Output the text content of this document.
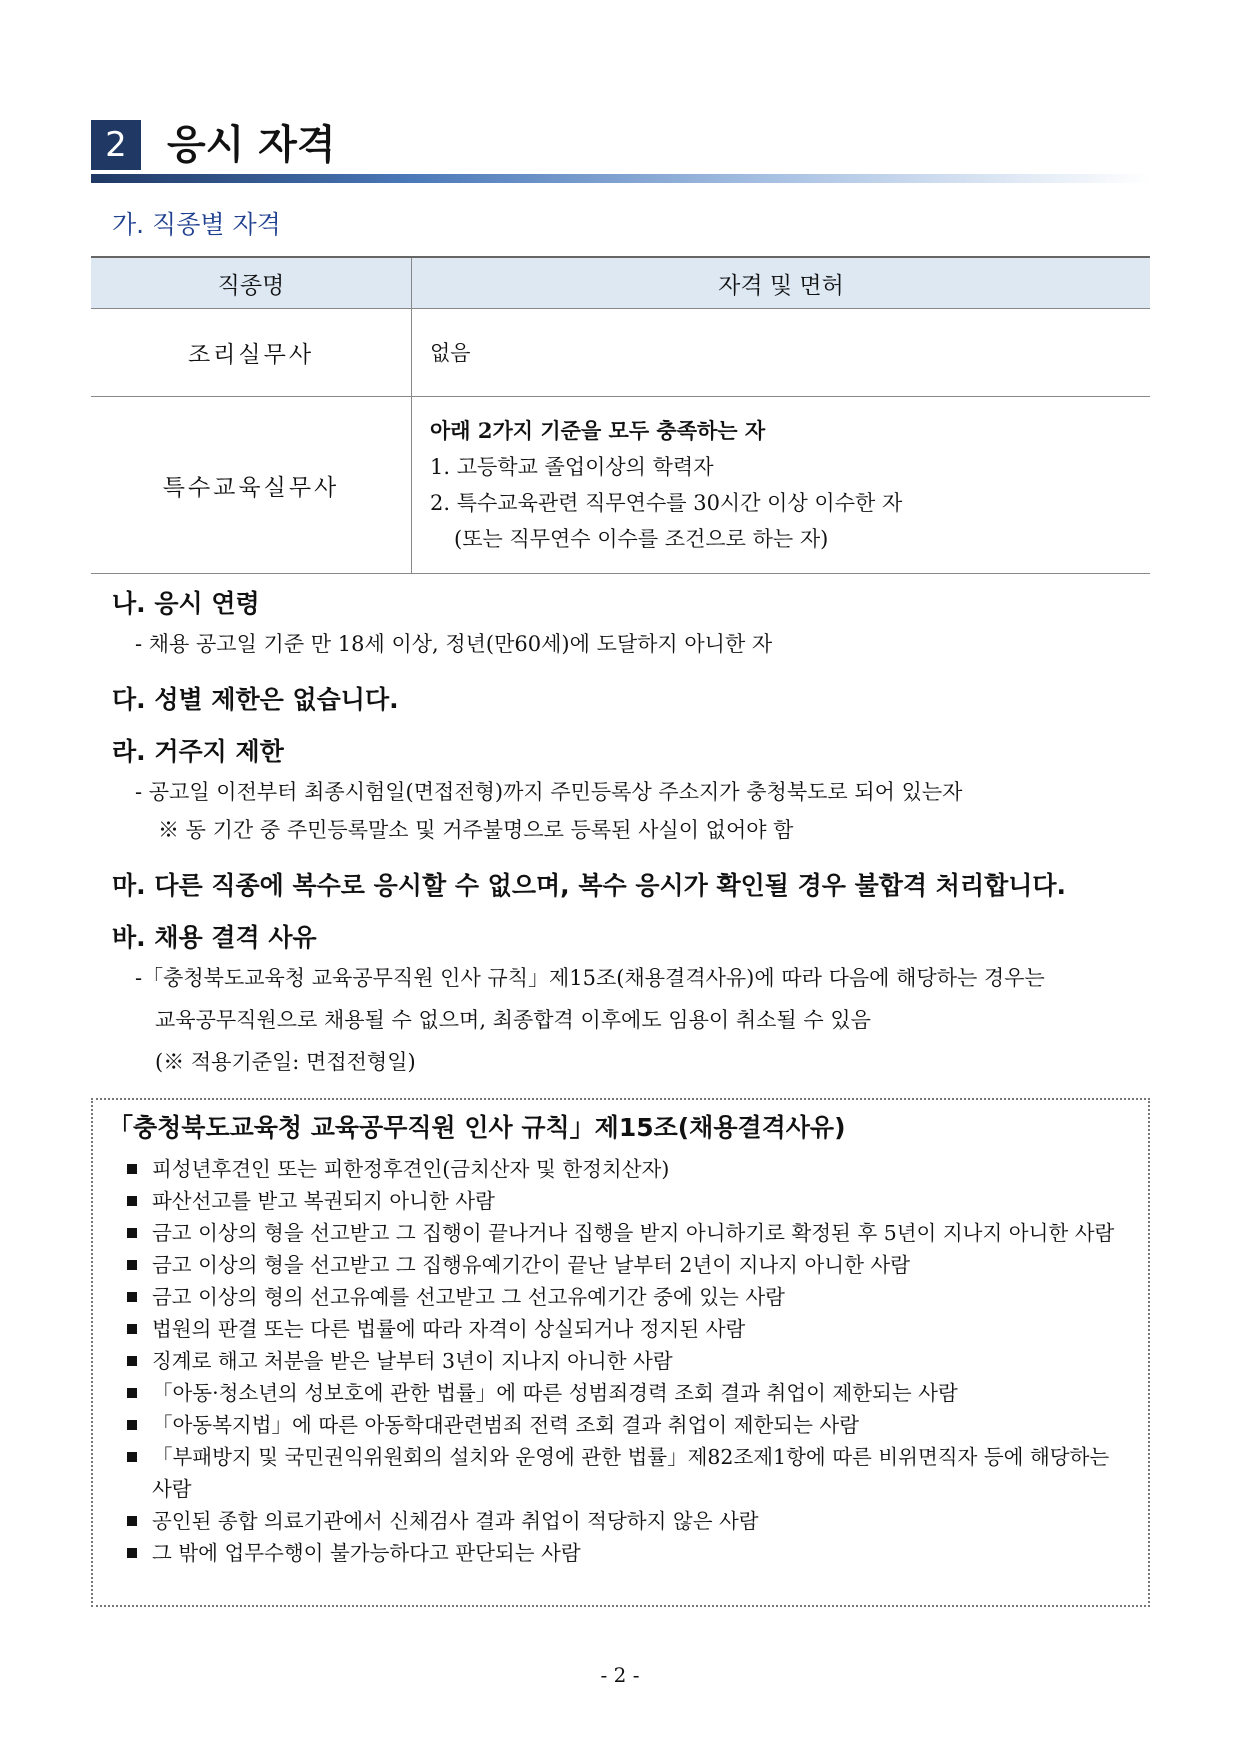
2	응시 자격
가. 직종별 자격
직종명	자격 및 면허
조리실무사	없음

특수교육실무사	아래 2가지 기준을 모두 충족하는 자
1. 고등학교 졸업이상의 학력자
2. 특수교육관련 직무연수를 30시간 이상 이수한 자
(또는 직무연수 이수를 조건으로 하는 자)
나. 응시 연령
- 채용 공고일 기준 만 18세 이상, 정년(만60세)에 도달하지 아니한 자
다. 성별 제한은 없습니다.
라. 거주지 제한
- 공고일 이전부터 최종시험일(면접전형)까지 주민등록상 주소지가 충청북도로 되어 있는자
※ 동 기간 중 주민등록말소 및 거주불명으로 등록된 사실이 없어야 함
마. 다른 직종에 복수로 응시할 수 없으며, 복수 응시가 확인될 경우 불합격 처리합니다.
바. 채용 결격 사유
-「충청북도교육청 교육공무직원 인사 규칙」제15조(채용결격사유)에 따라 다음에 해당하는 경우는
교육공무직원으로 채용될 수 없으며, 최종합격 이후에도 임용이 취소될 수 있음
(※ 적용기준일: 면접전형일)
「충청북도교육청 교육공무직원 인사 규칙」제15조(채용결격사유)
피성년후견인 또는 피한정후견인(금치산자 및 한정치산자)
파산선고를 받고 복권되지 아니한 사람
금고 이상의 형을 선고받고 그 집행이 끝나거나 집행을 받지 아니하기로 확정된 후 5년이 지나지 아니한 사람
금고 이상의 형을 선고받고 그 집행유예기간이 끝난 날부터 2년이 지나지 아니한 사람
금고 이상의 형의 선고유예를 선고받고 그 선고유예기간 중에 있는 사람
법원의 판결 또는 다른 법률에 따라 자격이 상실되거나 정지된 사람
징계로 해고 처분을 받은 날부터 3년이 지나지 아니한 사람
「아동·청소년의 성보호에 관한 법률」에 따른 성범죄경력 조회 결과 취업이 제한되는 사람
「아동복지법」에 따른 아동학대관련범죄 전력 조회 결과 취업이 제한되는 사람
「부패방지 및 국민권익위원회의 설치와 운영에 관한 법률」제82조제1항에 따른 비위면직자 등에 해당하는 사람
공인된 종합 의료기관에서 신체검사 결과 취업이 적당하지 않은 사람
그 밖에 업무수행이 불가능하다고 판단되는 사람
- 2 -
